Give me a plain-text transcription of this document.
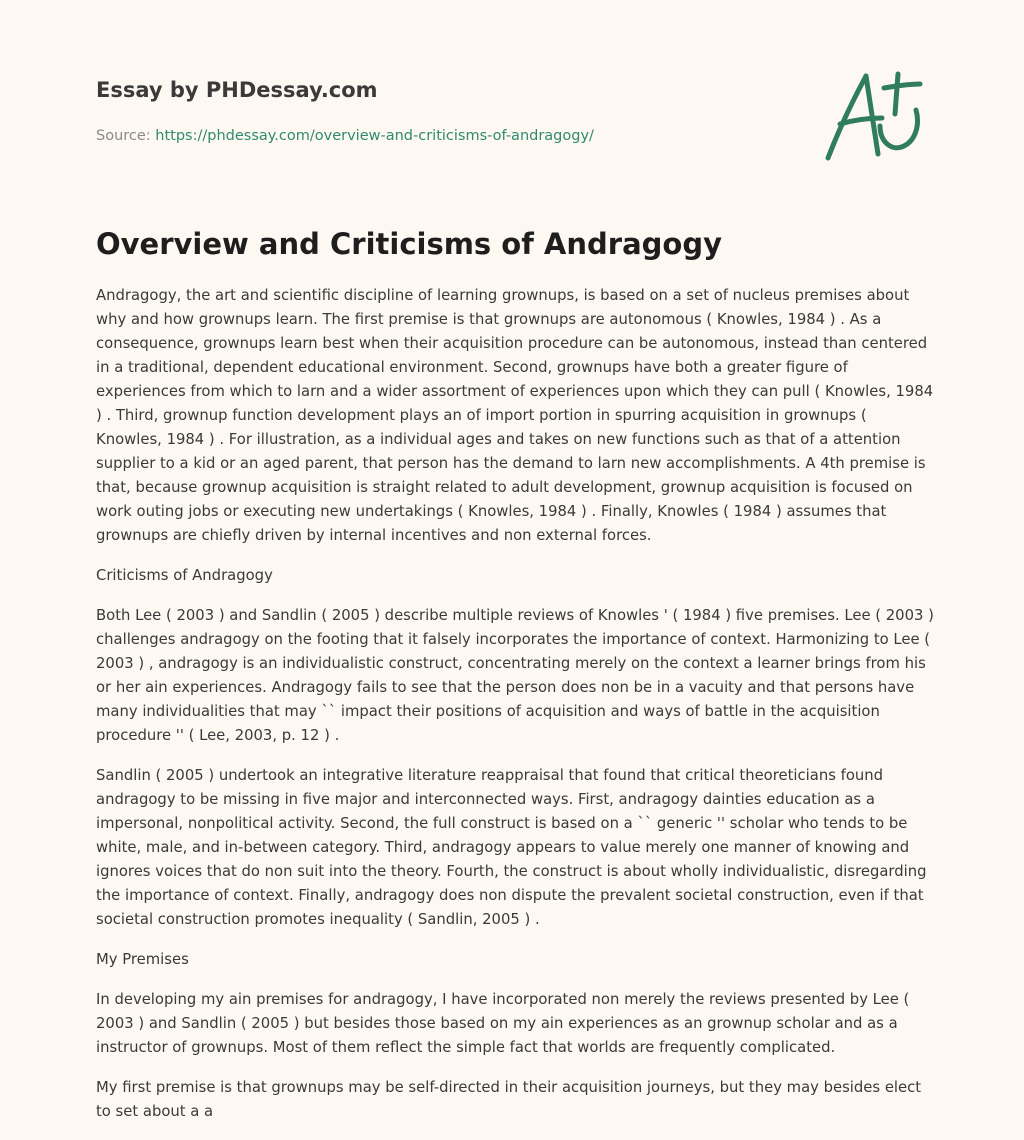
Essay by PHDessay.com

Source: https://phdessay.com/overview-and-criticisms-of-andragogy/
Overview and Criticisms of Andragogy

Andragogy, the art and scientific discipline of learning grownups, is based on a set of nucleus premises about why and how grownups learn. The first premise is that grownups are autonomous ( Knowles, 1984 ) . As a consequence, grownups learn best when their acquisition procedure can be autonomous, instead than centered in a traditional, dependent educational environment. Second, grownups have both a greater figure of experiences from which to larn and a wider assortment of experiences upon which they can pull ( Knowles, 1984 ) . Third, grownup function development plays an of import portion in spurring acquisition in grownups ( Knowles, 1984 ) . For illustration, as a individual ages and takes on new functions such as that of a attention supplier to a kid or an aged parent, that person has the demand to larn new accomplishments. A 4th premise is that, because grownup acquisition is straight related to adult development, grownup acquisition is focused on work outing jobs or executing new undertakings ( Knowles, 1984 ) . Finally, Knowles ( 1984 ) assumes that grownups are chiefly driven by internal incentives and non external forces.

Criticisms of Andragogy

Both Lee ( 2003 ) and Sandlin ( 2005 ) describe multiple reviews of Knowles ' ( 1984 ) five premises. Lee ( 2003 ) challenges andragogy on the footing that it falsely incorporates the importance of context. Harmonizing to Lee ( 2003 ) , andragogy is an individualistic construct, concentrating merely on the context a learner brings from his or her ain experiences. Andragogy fails to see that the person does non be in a vacuity and that persons have many individualities that may `` impact their positions of acquisition and ways of battle in the acquisition procedure '' ( Lee, 2003, p. 12 ) .

Sandlin ( 2005 ) undertook an integrative literature reappraisal that found that critical theoreticians found andragogy to be missing in five major and interconnected ways. First, andragogy dainties education as a impersonal, nonpolitical activity. Second, the full construct is based on a `` generic '' scholar who tends to be white, male, and in-between category. Third, andragogy appears to value merely one manner of knowing and ignores voices that do non suit into the theory. Fourth, the construct is about wholly individualistic, disregarding the importance of context. Finally, andragogy does non dispute the prevalent societal construction, even if that societal construction promotes inequality ( Sandlin, 2005 ) .

My Premises

In developing my ain premises for andragogy, I have incorporated non merely the reviews presented by Lee ( 2003 ) and Sandlin ( 2005 ) but besides those based on my ain experiences as an grownup scholar and as a instructor of grownups. Most of them reflect the simple fact that worlds are frequently complicated.

My first premise is that grownups may be self-directed in their acquisition journeys, but they may besides elect to set about a a
